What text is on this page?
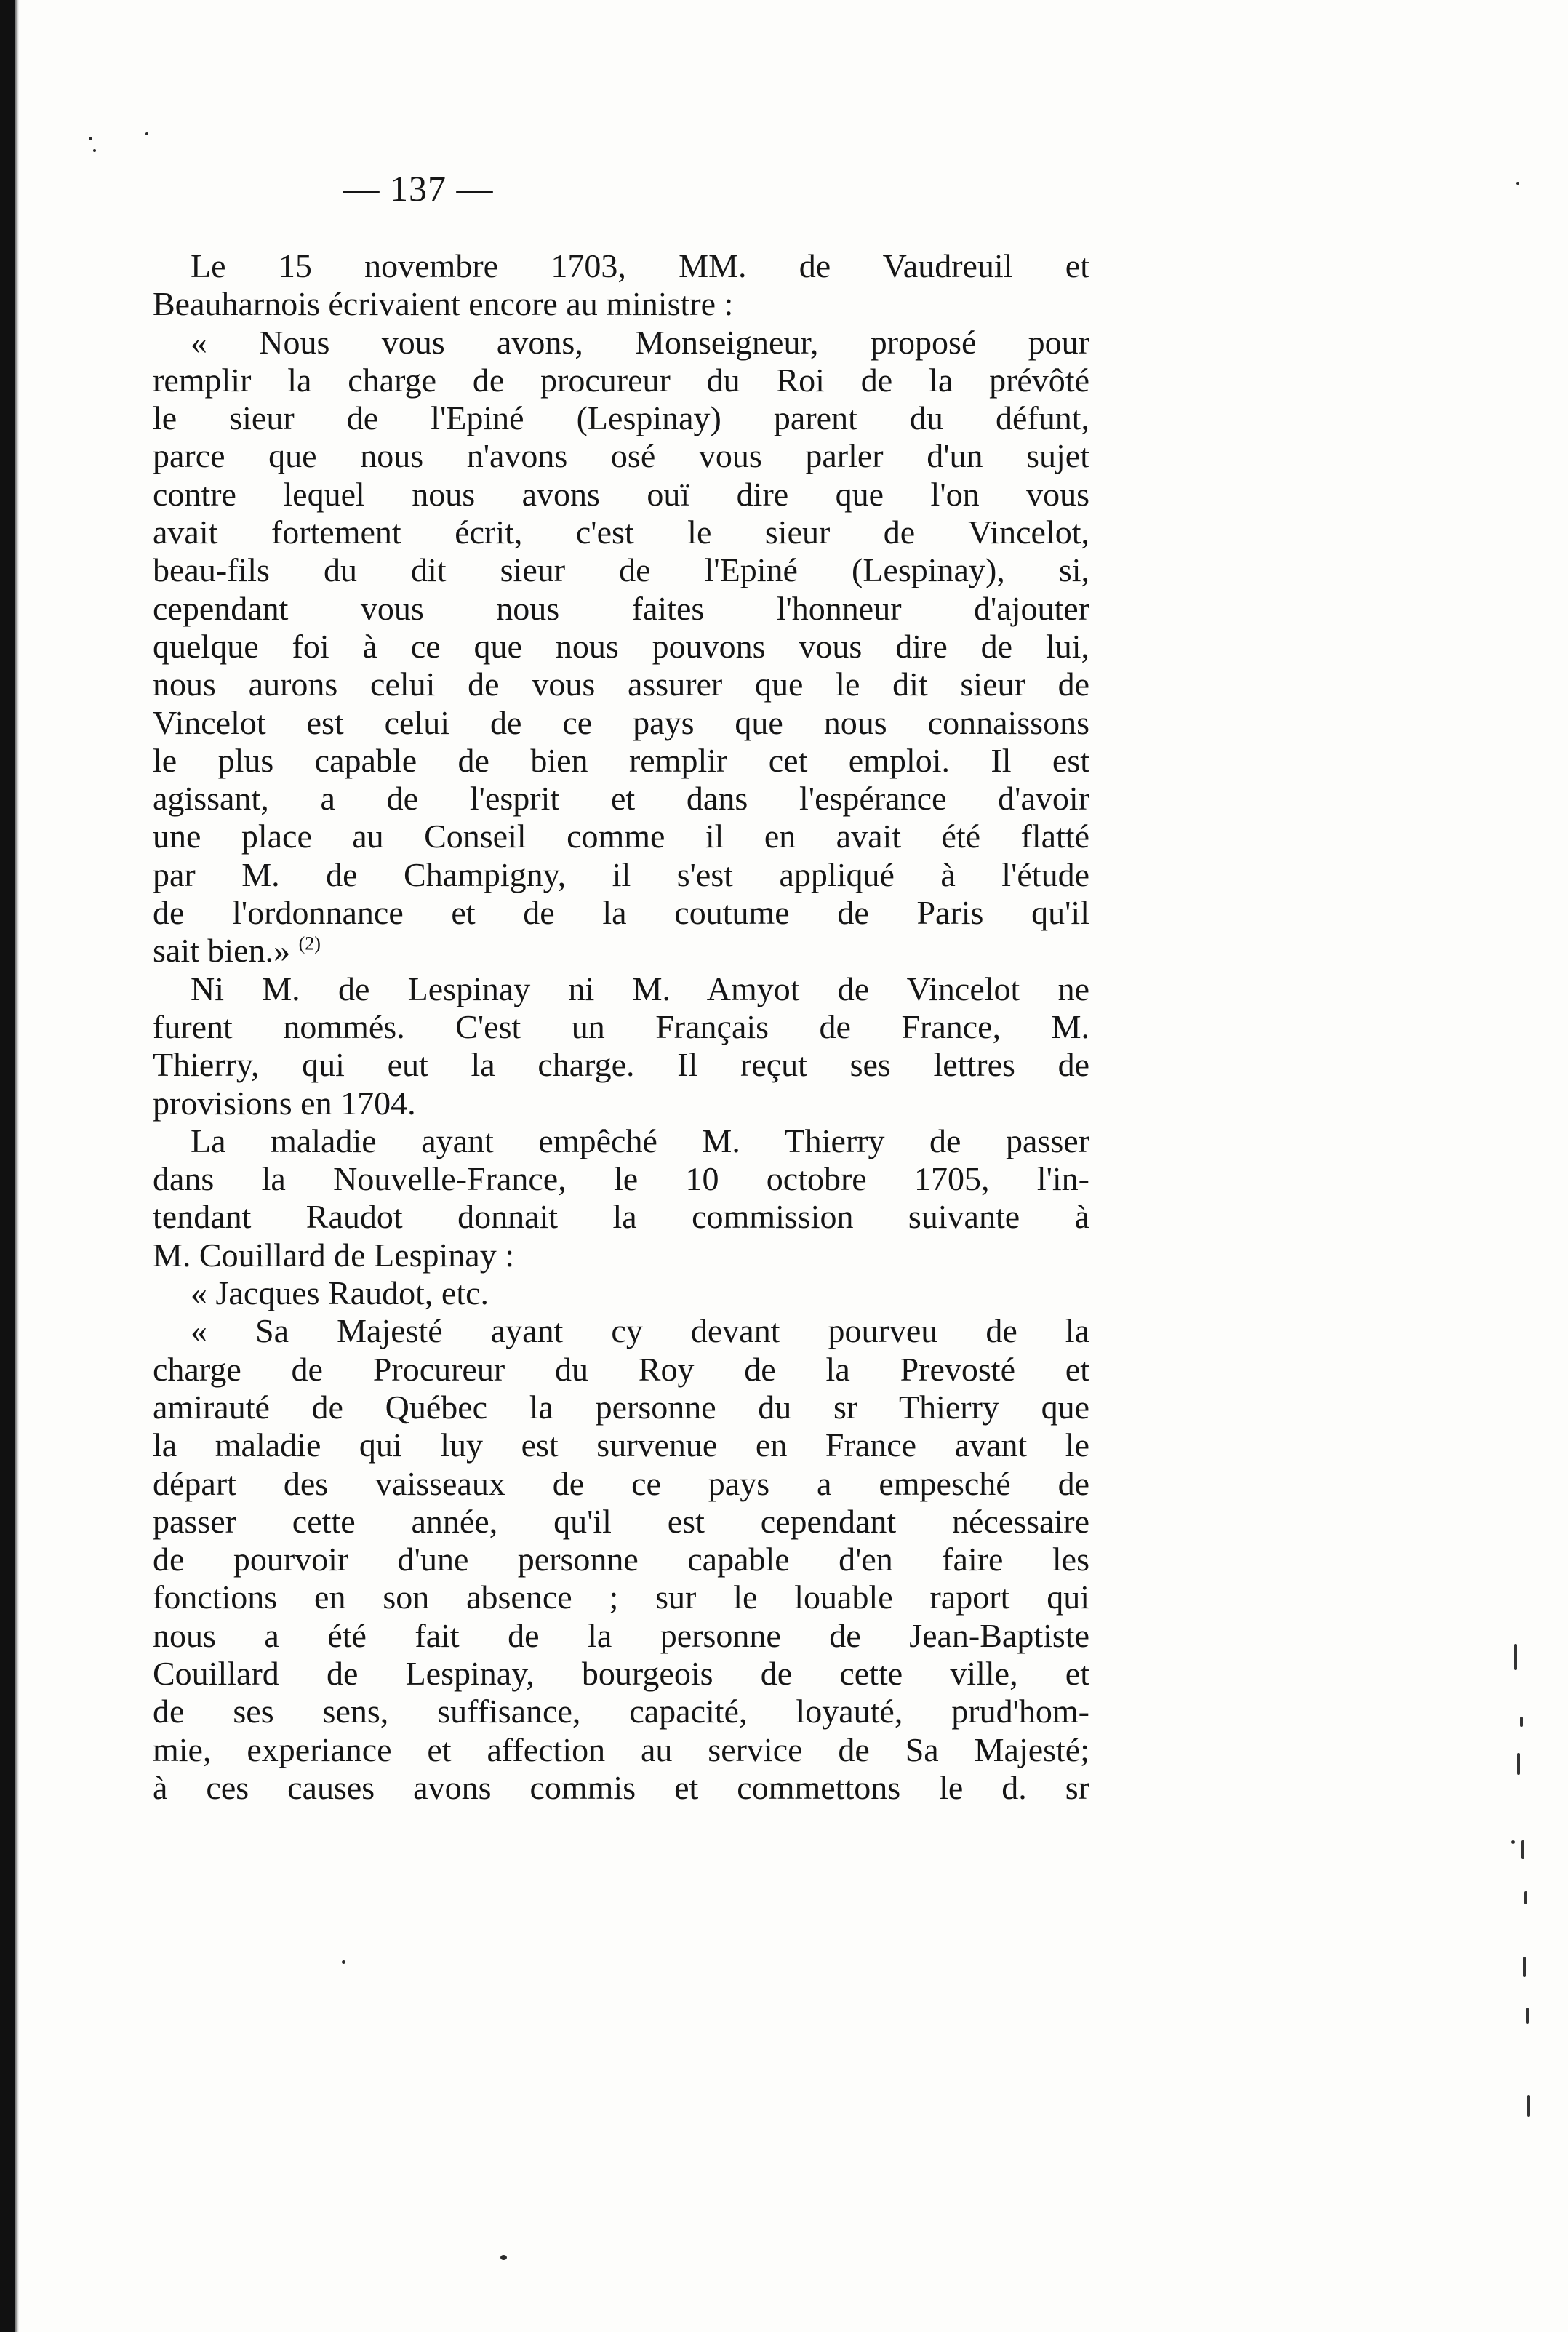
— 137 —
Le 15 novembre 1703, MM. de Vaudreuil et
Beauharnois écrivaient encore au ministre :
« Nous vous avons, Monseigneur, proposé pour
remplir la charge de procureur du Roi de la prévôté
le sieur de l'Epiné (Lespinay) parent du défunt,
parce que nous n'avons osé vous parler d'un sujet
contre lequel nous avons ouï dire que l'on vous
avait fortement écrit, c'est le sieur de Vincelot,
beau-fils du dit sieur de l'Epiné (Lespinay), si,
cependant vous nous faites l'honneur d'ajouter
quelque foi à ce que nous pouvons vous dire de lui,
nous aurons celui de vous assurer que le dit sieur de
Vincelot est celui de ce pays que nous connaissons
le plus capable de bien remplir cet emploi. Il est
agissant, a de l'esprit et dans l'espérance d'avoir
une place au Conseil comme il en avait été flatté
par M. de Champigny, il s'est appliqué à l'étude
de l'ordonnance et de la coutume de Paris qu'il
sait bien.» $^{(2)}$
Ni M. de Lespinay ni M. Amyot de Vincelot ne
furent nommés. C'est un Français de France, M.
Thierry, qui eut la charge. Il reçut ses lettres de
provisions en 1704.
La maladie ayant empêché M. Thierry de passer
dans la Nouvelle-France, le 10 octobre 1705, l'in-
tendant Raudot donnait la commission suivante à
M. Couillard de Lespinay :
« Jacques Raudot, etc.
« Sa Majesté ayant cy devant pourveu de la
charge de Procureur du Roy de la Prevosté et
amirauté de Québec la personne du sr Thierry que
la maladie qui luy est survenue en France avant le
départ des vaisseaux de ce pays a empesché de
passer cette année, qu'il est cependant nécessaire
de pourvoir d'une personne capable d'en faire les
fonctions en son absence ; sur le louable raport qui
nous a été fait de la personne de Jean-Baptiste
Couillard de Lespinay, bourgeois de cette ville, et
de ses sens, suffisance, capacité, loyauté, prud'hom-
mie, experiance et affection au service de Sa Majesté;
à ces causes avons commis et commettons le d. sr
